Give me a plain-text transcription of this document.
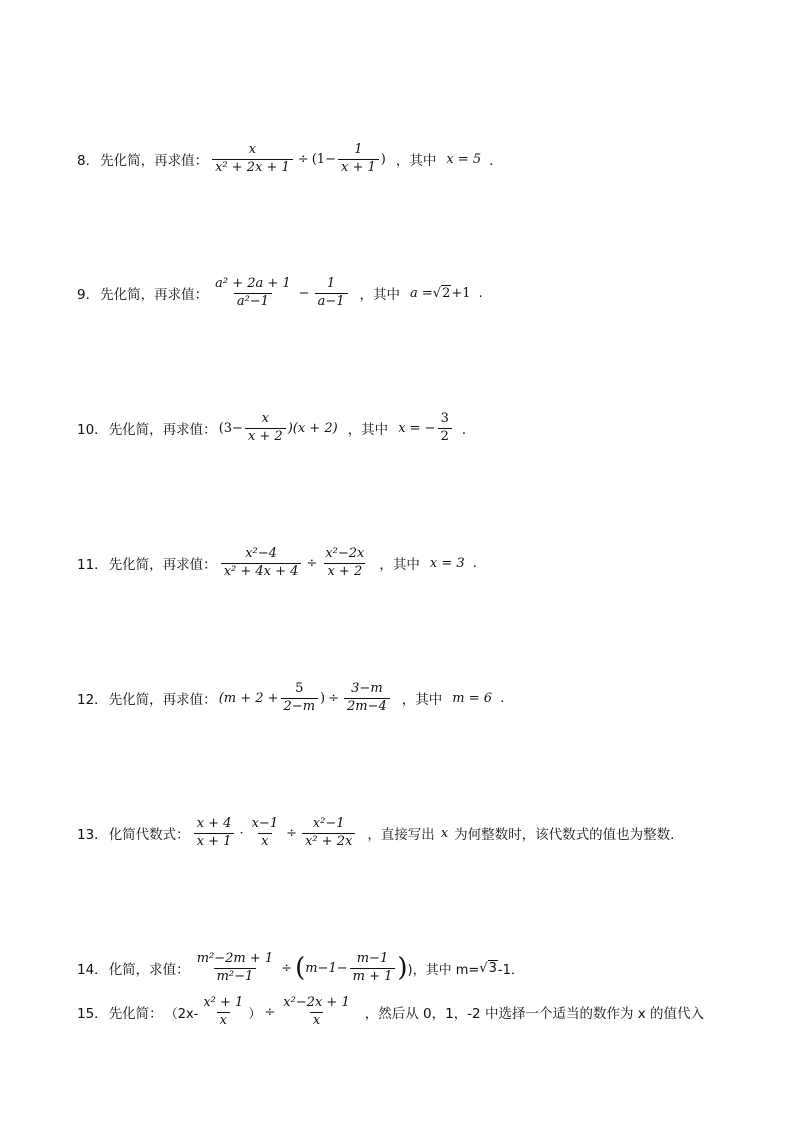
8． 先化简，再求值： $\frac{x}{\text{x² + 2x + 1}} \div (1- \frac{1}{x + 1}$ ) ，其中 x = 5 ．
9． 先化简，再求值： $\frac{\text{a² + 2a + 1}}{\text{a²−1}} - \frac{1}{a-1}$ ，其中 a = √2 +1 .
10． 先化简，再求值： $(3- \frac{x}{x + 2} )(x + 2)$ ，其中 x = − $\frac{3}{2}$ ．
11． 先化简，再求值： $\frac{\text{x²−4}}{\text{x² + 4x + 4}} \div \frac{\text{x²−2x}}{x + 2}$ ，其中 x = 3 .
12． 先化简，再求值： ($m + 2 + \frac{5}{2-m}$ ) ÷ $\frac{3-m}{2m-4}$ ，其中 m = 6 .
13． 化简代数式： $\frac{x + 4}{x + 1} \cdot \frac{x-1}{x} \div \frac{\text{x²−1}}{\text{x² + 2x}}$ ，直接写出 x 为何整数时，该代数式的值也为整数.
14． 化简，求值： $\frac{\text{m²−2m + 1}}{\text{m²−1}}$ ÷ ( $m-1- \frac{m-1}{m + 1}$ ) )，其中 m= √3 -1．
15． 先化简： （$2x- \frac{\text{x² + 1}}{x}$ ） ÷ $\frac{\text{x²−2x + 1}}{x}$ ，然后从 0，1，-2 中选择一个适当的数作为 x 的值代入
